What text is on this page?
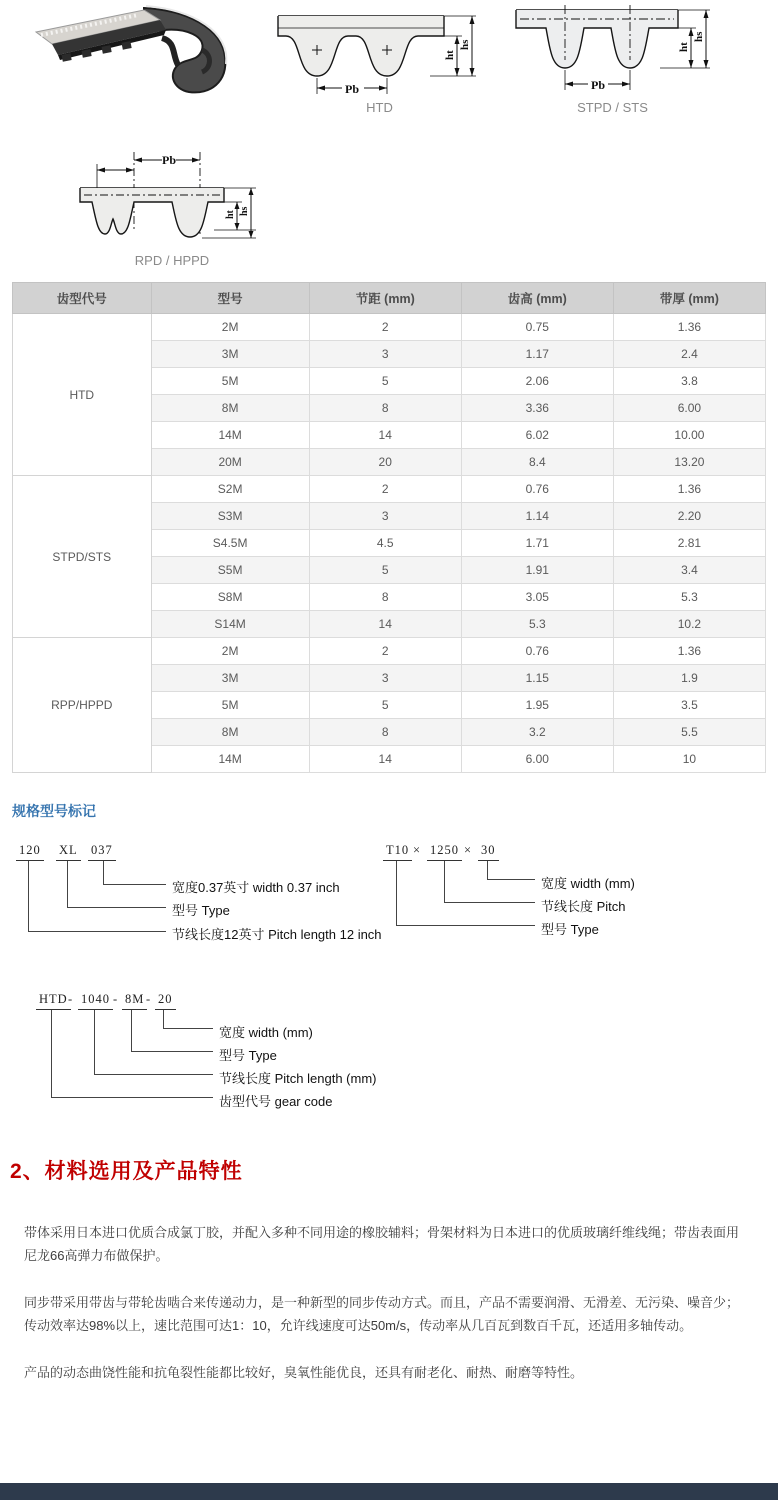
Pb
ht
hs
HTD
Pb
ht
hs
STPD / STS
Pb
ht hs
RPD / HPPD
齿型代号	型号	节距 (mm)	齿高 (mm)	带厚 (mm)
HTD	2M	2	0.75	1.36
	3M	3	1.17	2.4
	5M	5	2.06	3.8
	8M	8	3.36	6.00
	14M	14	6.02	10.00
	20M	20	8.4	13.20
STPD/STS	S2M	2	0.76	1.36
	S3M	3	1.14	2.20
	S4.5M	4.5	1.71	2.81
	S5M	5	1.91	3.4
	S8M	8	3.05	5.3
	S14M	14	5.3	10.2
RPP/HPPD	2M	2	0.76	1.36
	3M	3	1.15	1.9
	5M	5	1.95	3.5
	8M	8	3.2	5.5
	14M	14	6.00	10
规格型号标记
120 XL 037
宽度0.37英寸 width 0.37 inch
型号 Type
节线长度12英寸 Pitch length 12 inch
T10 × 1250 × 30
宽度 width (mm)
节线长度 Pitch
型号 Type
HTD - 1040 - 8M - 20
宽度 width (mm)
型号 Type
节线长度 Pitch length (mm)
齿型代号 gear code
2、材料选用及产品特性

带体采用日本进口优质合成氯丁胶，并配入多种不同用途的橡胶辅料；骨架材料为日本进口的优质玻璃纤维线绳；带齿表面用尼龙66高弹力布做保护。

同步带采用带齿与带轮齿啮合来传递动力，是一种新型的同步传动方式。而且，产品不需要润滑、无滑差、无污染、噪音少；传动效率达98%以上，速比范围可达1：10，允许线速度可达50m/s，传动率从几百瓦到数百千瓦，还适用多轴传动。

产品的动态曲饶性能和抗龟裂性能都比较好，臭氧性能优良，还具有耐老化、耐热、耐磨等特性。
